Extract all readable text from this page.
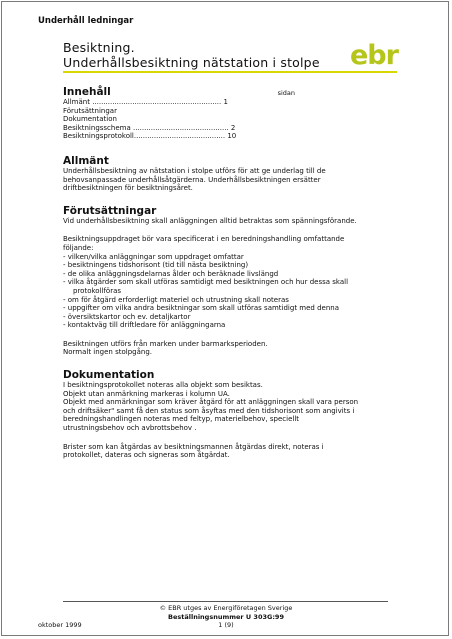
Underhåll ledningar
Besiktning.
Underhållsbesiktning nätstation i stolpe ebr
Innehåll	sidan
Allmänt .......................................................... 1
Förutsättningar
Dokumentation
Besiktningsschema ........................................... 2
Besiktningsprotokoll......................................... 10
Allmänt

Underhållsbesiktning av nätstation i stolpe utförs för att ge underlag till de

behovsanpassade underhållsåtgärderna. Underhållsbesiktningen ersätter

driftbesiktningen för besiktningsåret.

Förutsättningar

Vid underhållsbesiktning skall anläggningen alltid betraktas som spänningsförande.

Besiktningsuppdraget bör vara specificerat i en beredningshandling omfattande

följande:

- vilken/vilka anläggningar som uppdraget omfattar

- besiktningens tidshorisont (tid till nästa besiktning)

- de olika anläggningsdelarnas ålder och beräknade livslängd

- vilka åtgärder som skall utföras samtidigt med besiktningen och hur dessa skall

protokollföras

- om för åtgärd erforderligt materiel och utrustning skall noteras

- uppgifter om vilka andra besiktningar som skall utföras samtidigt med denna

- översiktskartor och ev. detaljkartor

- kontaktväg till driftledare för anläggningarna

Besiktningen utförs från marken under barmarksperioden.

Normalt ingen stolpgång.

Dokumentation

I besiktningsprotokollet noteras alla objekt som besiktas.

Objekt utan anmärkning markeras i kolumn UA.

Objekt med anmärkningar som kräver åtgärd för att anläggningen skall vara person

och driftsäker" samt få den status som åsyftas med den tidshorisont som angivits i

beredningshandlingen noteras med feltyp, materielbehov, speciellt

utrustningsbehov och avbrottsbehov .

Brister som kan åtgärdas av besiktningsmannen åtgärdas direkt, noteras i

protokollet, dateras och signeras som åtgärdat.

© EBR utges av Energiföretagen Sverige
Beställningsnummer U 303G:99
1 (9)
oktober 1999
